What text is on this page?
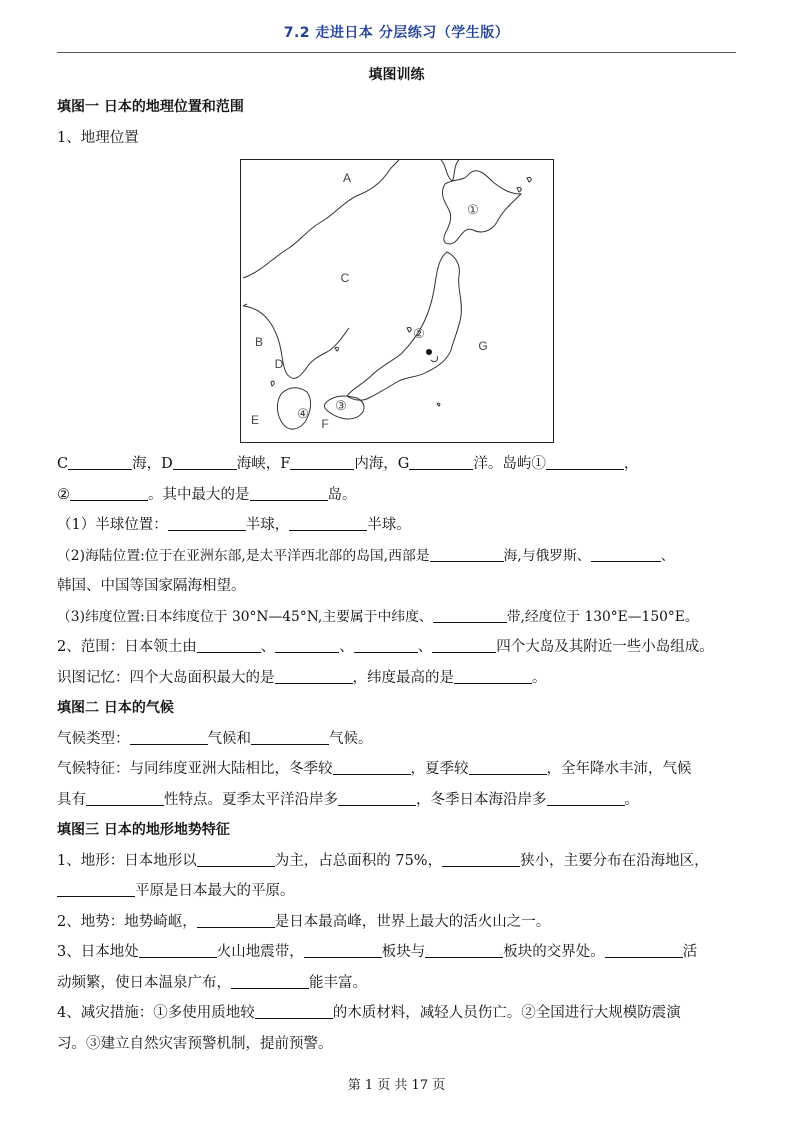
7.2 走进日本 分层练习（学生版）
填图训练
填图一 日本的地理位置和范围
1、地理位置
A
C
B
D
E	F
G
①
②
③
④
C	海，D	海峡，F	内海，G	洋。岛屿①	，
②	。其中最大的是	岛。
（1）半球位置：	半球，	半球。
（2)海陆位置:位于在亚洲东部,是太平洋西北部的岛国,西部是	海,与俄罗斯、	、
韩国、中国等国家隔海相望。
（3)纬度位置:日本纬度位于 30°N—45°N,主要属于中纬度、	带,经度位于 130°E—150°E。
2、范围：日本领土由	、	、	、	四个大岛及其附近一些小岛组成。
识图记忆：四个大岛面积最大的是	，纬度最高的是	。
填图二 日本的气候
气候类型：	气候和	气候。
气候特征：与同纬度亚洲大陆相比，冬季较	，夏季较	，全年降水丰沛，气候
具有	性特点。夏季太平洋沿岸多	，冬季日本海沿岸多	。
填图三 日本的地形地势特征
1、地形：日本地形以	为主，占总面积的 75%，	狭小，主要分布在沿海地区，
平原是日本最大的平原。
2、地势：地势崎岖，	是日本最高峰，世界上最大的活火山之一。
3、日本地处	火山地震带，	板块与	板块的交界处。	活
动频繁，使日本温泉广布，	能丰富。
4、减灾措施：①多使用质地较	的木质材料，减轻人员伤亡。②全国进行大规模防震演
习。③建立自然灾害预警机制，提前预警。
第 1 页 共 17 页
